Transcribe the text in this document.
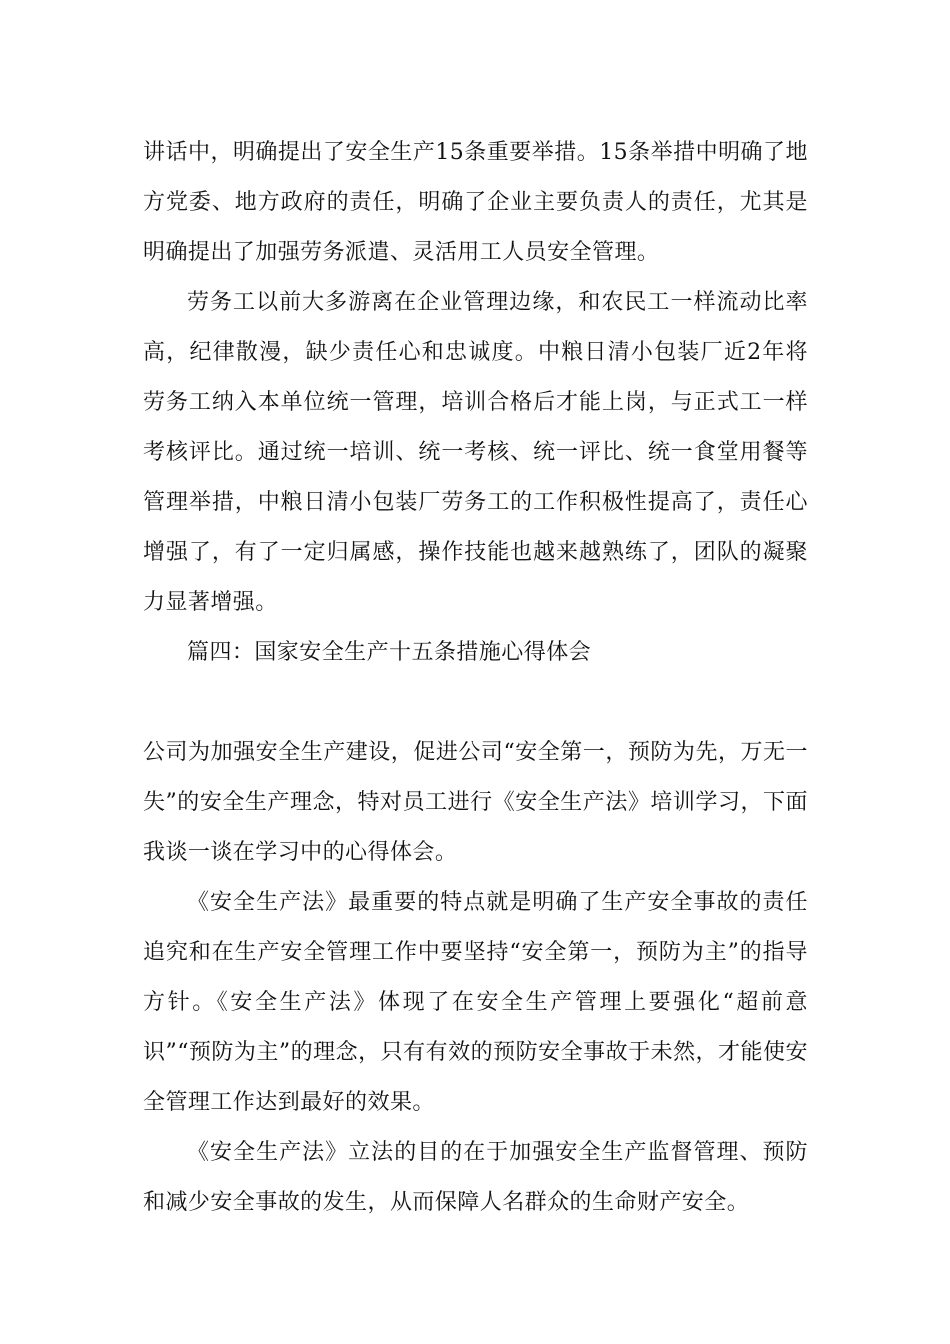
讲话中，明确提出了安全生产15条重要举措。15条举措中明确了地方党委、地方政府的责任，明确了企业主要负责人的责任，尤其是明确提出了加强劳务派遣、灵活用工人员安全管理。

劳务工以前大多游离在企业管理边缘，和农民工一样流动比率高，纪律散漫，缺少责任心和忠诚度。中粮日清小包装厂近2年将劳务工纳入本单位统一管理，培训合格后才能上岗，与正式工一样考核评比。通过统一培训、统一考核、统一评比、统一食堂用餐等管理举措，中粮日清小包装厂劳务工的工作积极性提高了，责任心增强了，有了一定归属感，操作技能也越来越熟练了，团队的凝聚力显著增强。

篇四：国家安全生产十五条措施心得体会

公司为加强安全生产建设，促进公司“安全第一，预防为先，万无一失”的安全生产理念，特对员工进行《安全生产法》培训学习，下面我谈一谈在学习中的心得体会。

《安全生产法》最重要的特点就是明确了生产安全事故的责任追究和在生产安全管理工作中要坚持“安全第一，预防为主”的指导方针。《安全生产法》体现了在安全生产管理上要强化“超前意识”“预防为主”的理念，只有有效的预防安全事故于未然，才能使安全管理工作达到最好的效果。

《安全生产法》立法的目的在于加强安全生产监督管理、预防和减少安全事故的发生，从而保障人名群众的生命财产安全。
